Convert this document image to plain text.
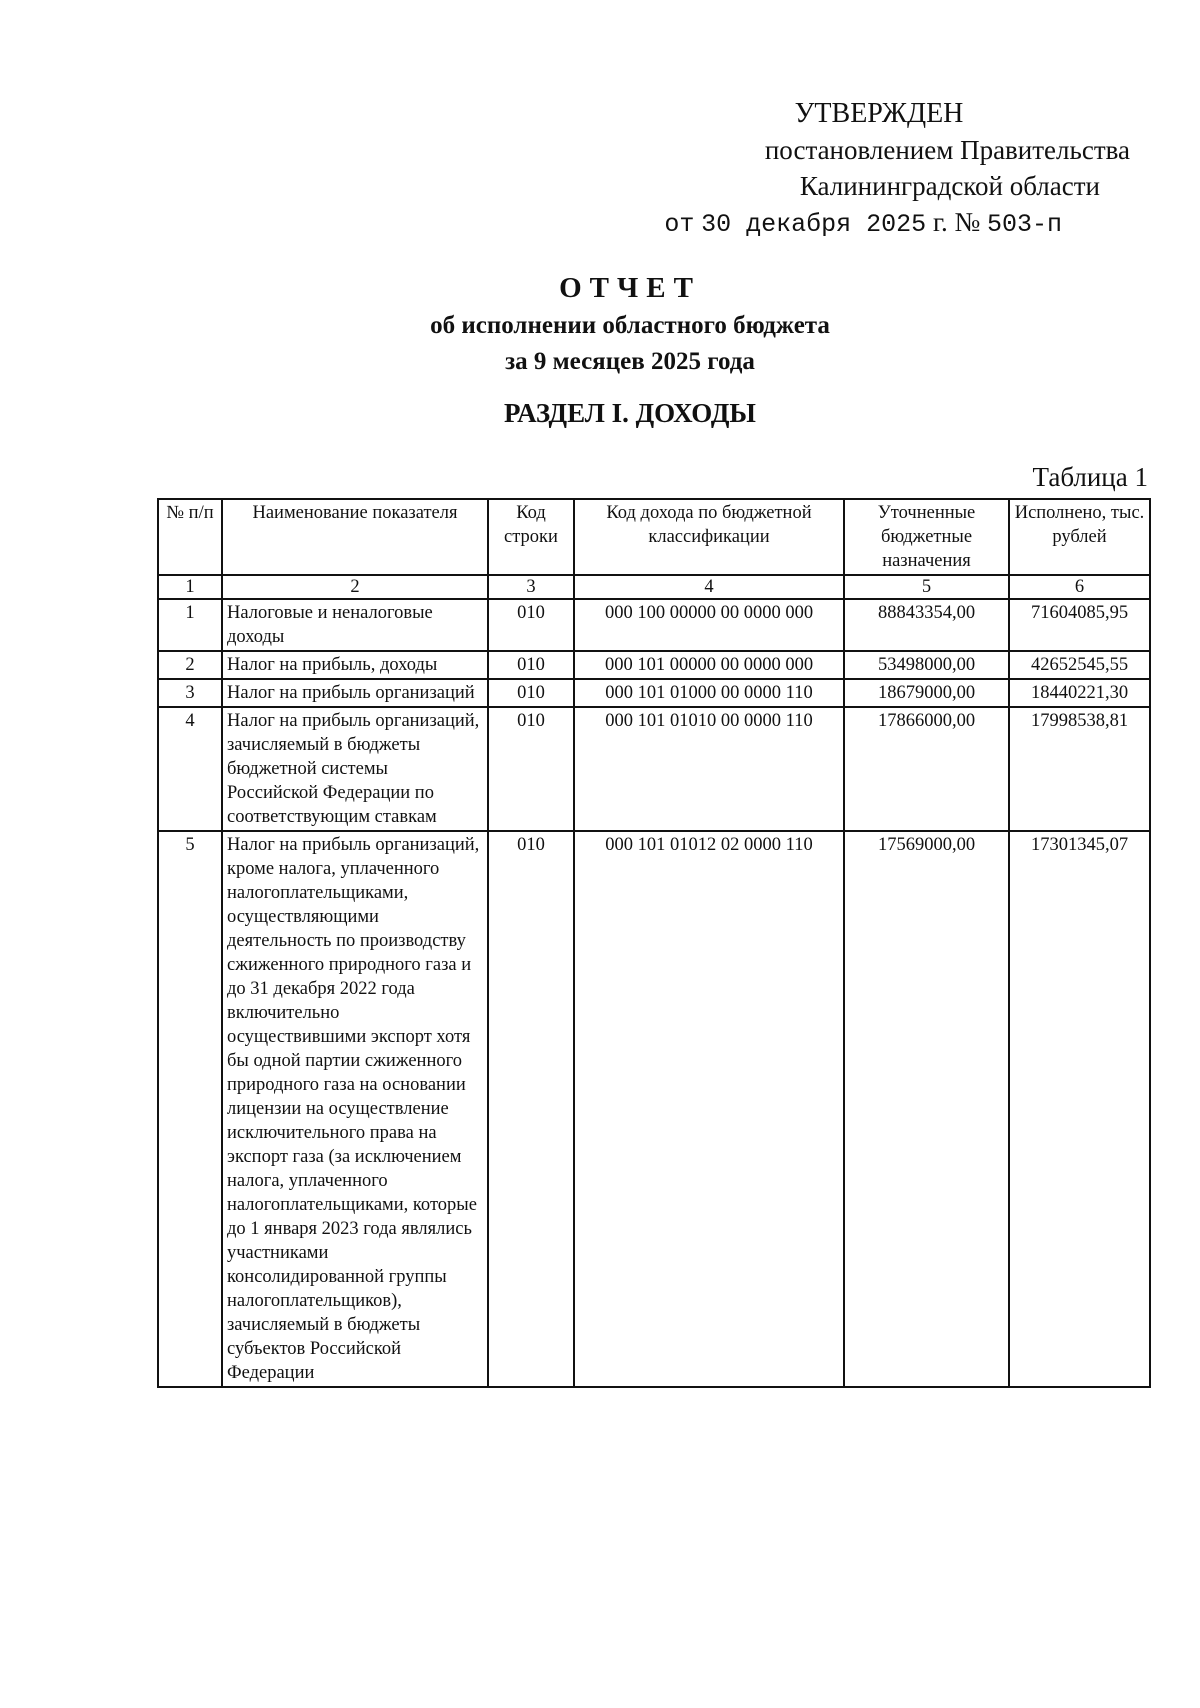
УТВЕРЖДЕН
постановлением Правительства
Калининградской области
от 30 декабря 2025 г. № 503-п
ОТЧЕТ
об исполнении областного бюджета
за 9 месяцев 2025 года
РАЗДЕЛ I. ДОХОДЫ
Таблица 1
№ п/п	Наименование показателя	Код строки	Код дохода по бюджетной классификации	Уточненные бюджетные назначения	Исполнено, тыс. рублей
1	2	3	4	5	6
1	Налоговые и неналоговые доходы	010	000 100 00000 00 0000 000	88843354,00	71604085,95
2	Налог на прибыль, доходы	010	000 101 00000 00 0000 000	53498000,00	42652545,55
3	Налог на прибыль организаций	010	000 101 01000 00 0000 110	18679000,00	18440221,30
4	Налог на прибыль организаций, зачисляемый в бюджеты бюджетной системы Российской Федерации по соответствующим ставкам	010	000 101 01010 00 0000 110	17866000,00	17998538,81
5	Налог на прибыль организаций, кроме налога, уплаченного налогоплательщиками, осуществляющими деятельность по производству сжиженного природного газа и до 31 декабря 2022 года включительно осуществившими экспорт хотя бы одной партии сжиженного природного газа на основании лицензии на осуществление исключительного права на экспорт газа (за исключением налога, уплаченного налогоплательщиками, которые до 1 января 2023 года являлись участниками консолидированной группы налогоплательщиков), зачисляемый в бюджеты субъектов Российской Федерации	010	000 101 01012 02 0000 110	17569000,00	17301345,07
